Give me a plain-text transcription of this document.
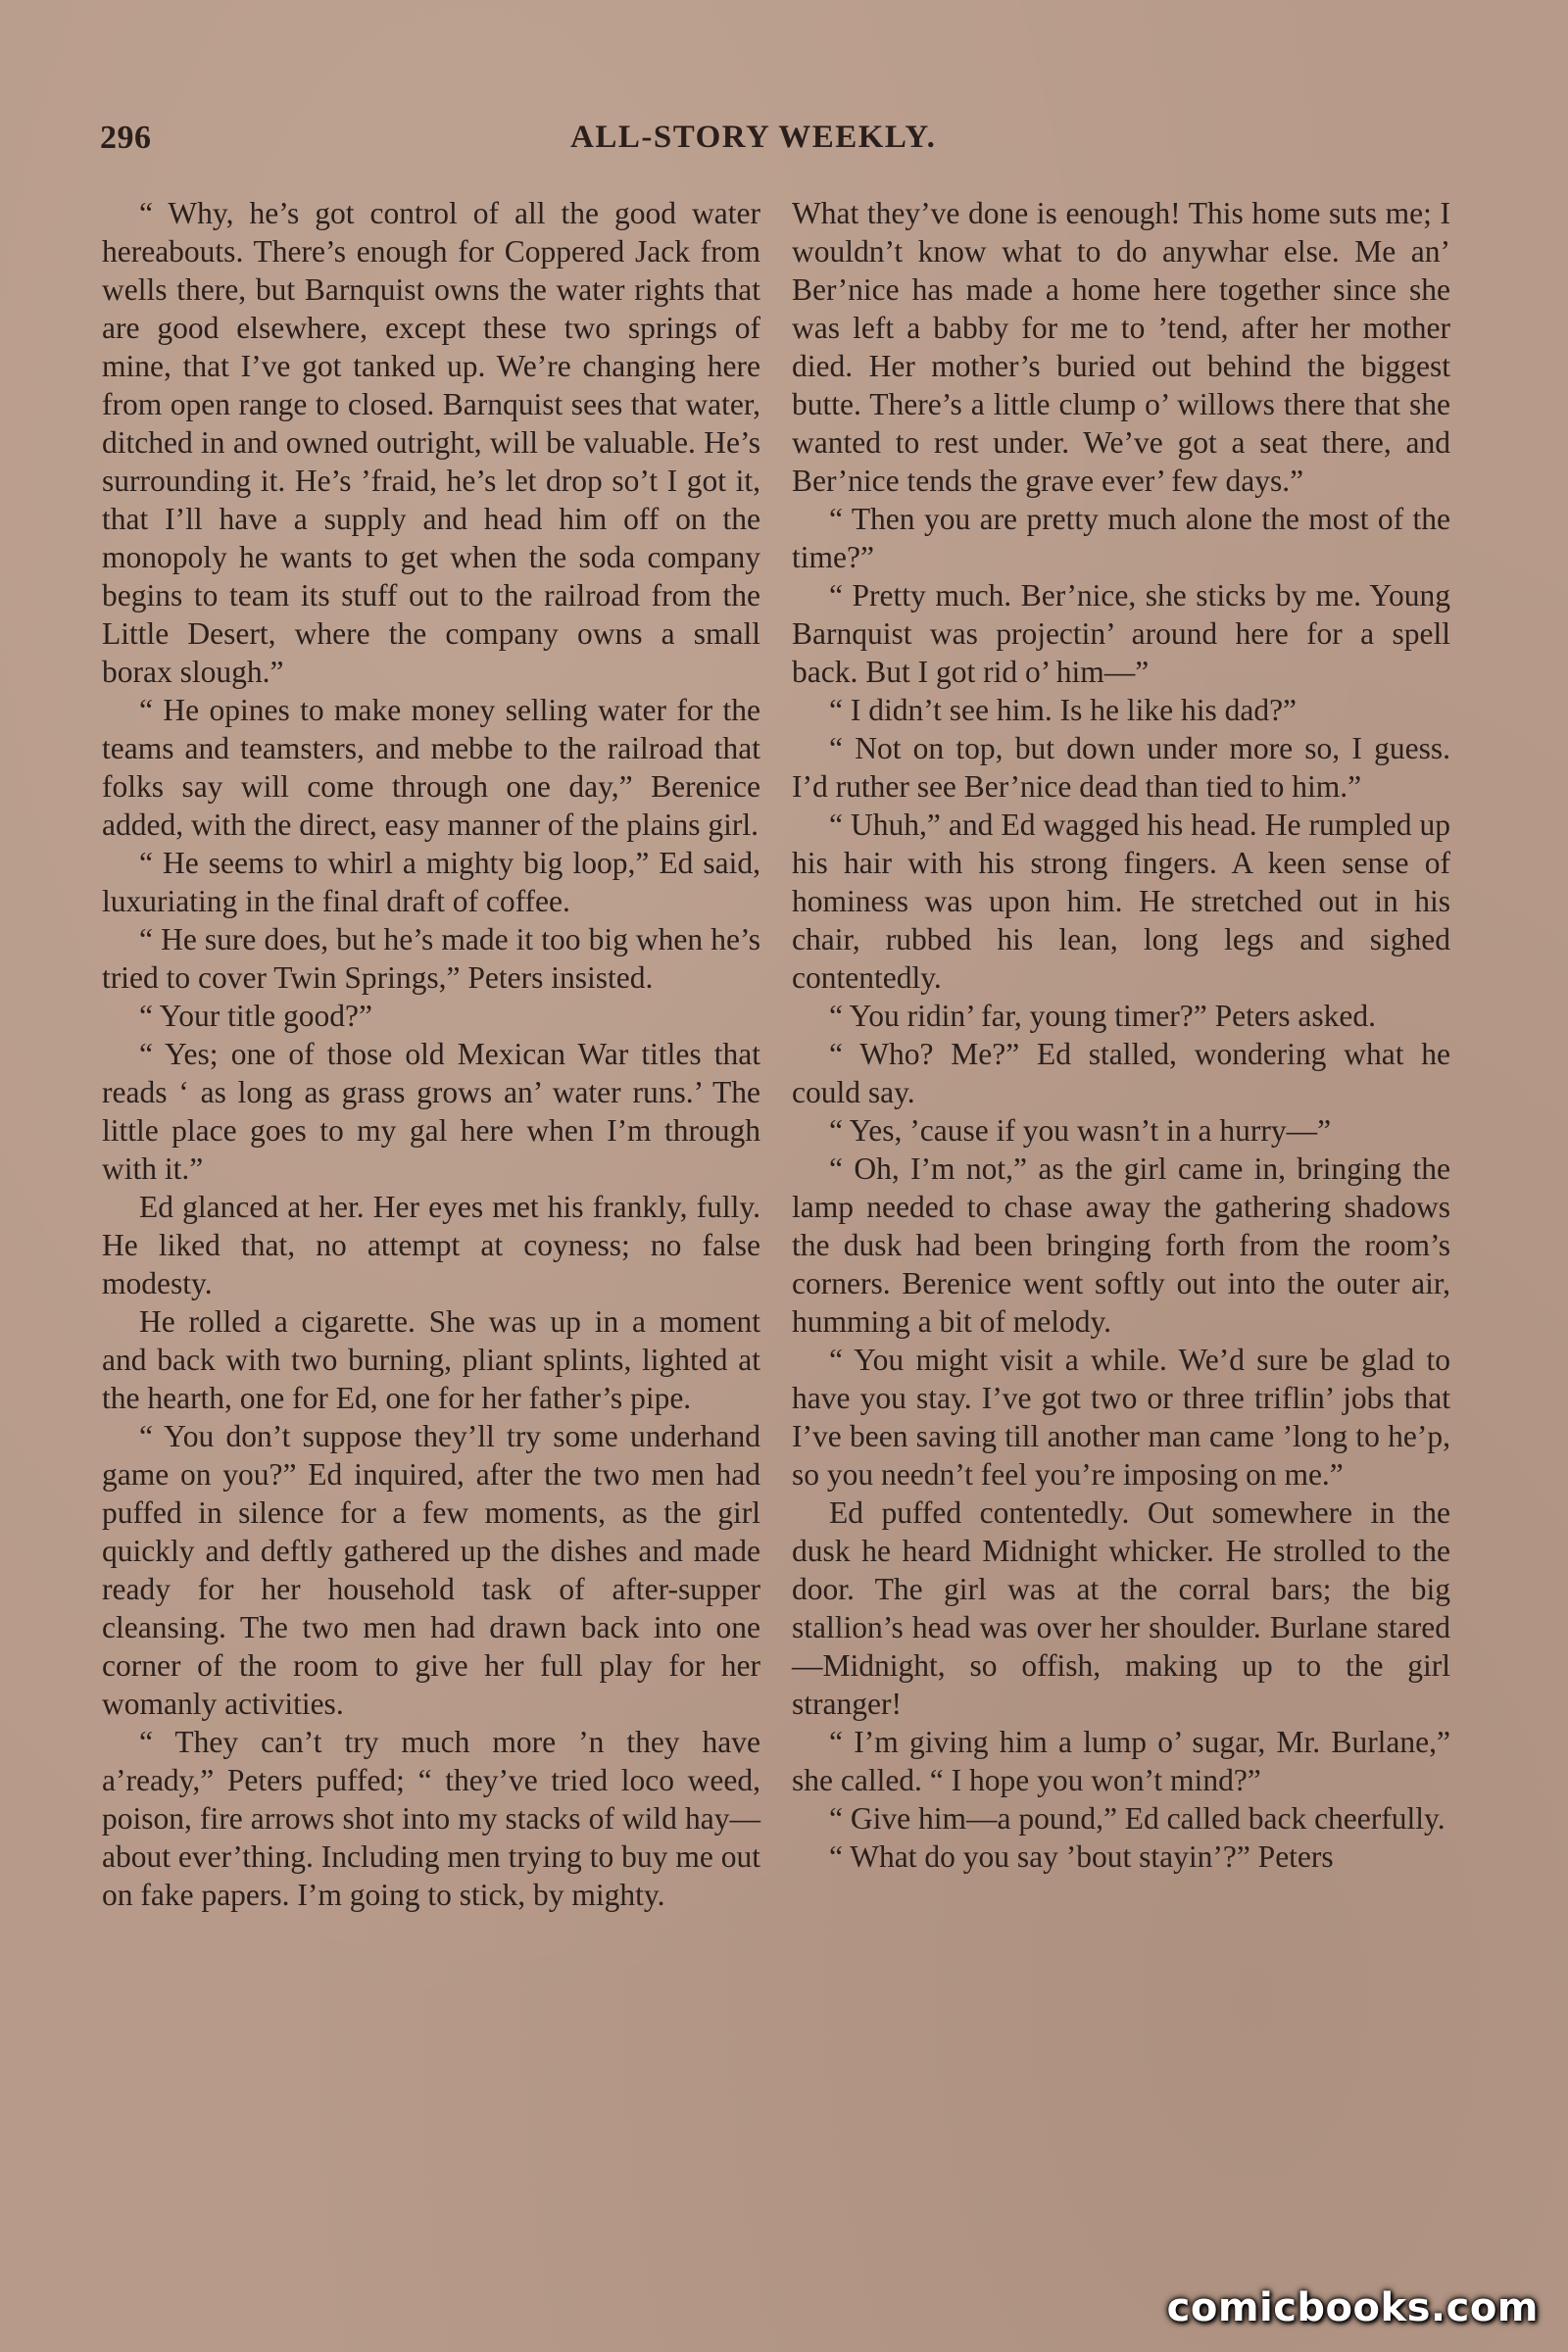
296	ALL-STORY WEEKLY.

“ Why, he’s got control of all the good water hereabouts. There’s enough for Coppered Jack from wells there, but Barnquist owns the water rights that are good elsewhere, except these two springs of mine, that I’ve got tanked up. We’re changing here from open range to closed. Barnquist sees that water, ditched in and owned outright, will be valuable. He’s surrounding it. He’s ’fraid, he’s let drop so’t I got it, that I’ll have a supply and head him off on the monopoly he wants to get when the soda company begins to team its stuff out to the railroad from the Little Desert, where the company owns a small borax slough.”

“ He opines to make money selling water for the teams and teamsters, and mebbe to the railroad that folks say will come through one day,” Berenice added, with the direct, easy manner of the plains girl.

“ He seems to whirl a mighty big loop,” Ed said, luxuriating in the final draft of coffee.

“ He sure does, but he’s made it too big when he’s tried to cover Twin Springs,” Peters insisted.

“ Your title good?”

“ Yes; one of those old Mexican War titles that reads ‘ as long as grass grows an’ water runs.’ The little place goes to my gal here when I’m through with it.”

Ed glanced at her. Her eyes met his frankly, fully. He liked that, no attempt at coyness; no false modesty.

He rolled a cigarette. She was up in a moment and back with two burning, pliant splints, lighted at the hearth, one for Ed, one for her father’s pipe.

“ You don’t suppose they’ll try some underhand game on you?” Ed inquired, after the two men had puffed in silence for a few moments, as the girl quickly and deftly gathered up the dishes and made ready for her household task of after-supper cleansing. The two men had drawn back into one corner of the room to give her full play for her womanly activities.

“ They can’t try much more ’n they have a’ready,” Peters puffed; “ they’ve tried loco weed, poison, fire arrows shot into my stacks of wild hay—about ever’thing. Including men trying to buy me out on fake papers. I’m going to stick, by mighty.

What they’ve done is eenough! This home suts me; I wouldn’t know what to do anywhar else. Me an’ Ber’nice has made a home here together since she was left a babby for me to ’tend, after her mother died. Her mother’s buried out behind the biggest butte. There’s a little clump o’ willows there that she wanted to rest under. We’ve got a seat there, and Ber’nice tends the grave ever’ few days.”

“ Then you are pretty much alone the most of the time?”

“ Pretty much. Ber’nice, she sticks by me. Young Barnquist was projectin’ around here for a spell back. But I got rid o’ him—”

“ I didn’t see him. Is he like his dad?”

“ Not on top, but down under more so, I guess. I’d ruther see Ber’nice dead than tied to him.”

“ Uhuh,” and Ed wagged his head. He rumpled up his hair with his strong fingers. A keen sense of hominess was upon him. He stretched out in his chair, rubbed his lean, long legs and sighed contentedly.

“ You ridin’ far, young timer?” Peters asked.

“ Who? Me?” Ed stalled, wondering what he could say.

“ Yes, ’cause if you wasn’t in a hurry—”

“ Oh, I’m not,” as the girl came in, bringing the lamp needed to chase away the gathering shadows the dusk had been bringing forth from the room’s corners. Berenice went softly out into the outer air, humming a bit of melody.

“ You might visit a while. We’d sure be glad to have you stay. I’ve got two or three triflin’ jobs that I’ve been saving till another man came ’long to he’p, so you needn’t feel you’re imposing on me.”

Ed puffed contentedly. Out somewhere in the dusk he heard Midnight whicker. He strolled to the door. The girl was at the corral bars; the big stallion’s head was over her shoulder. Burlane stared—Midnight, so offish, making up to the girl stranger!

“ I’m giving him a lump o’ sugar, Mr. Burlane,” she called. “ I hope you won’t mind?”

“ Give him—a pound,” Ed called back cheerfully.

“ What do you say ’bout stayin’?” Peters

comicbooks.com
